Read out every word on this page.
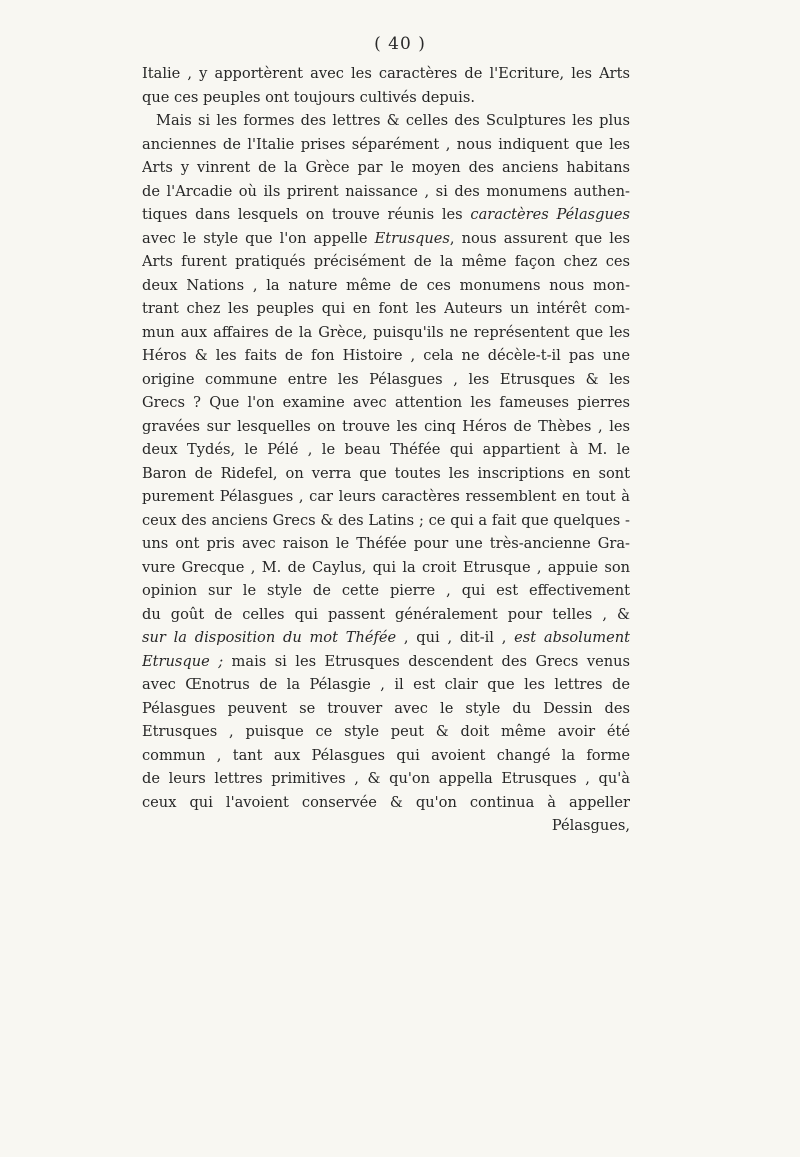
( 40 )
Italie , y apportèrent avec les caractères de l'Ecriture, les Arts
que ces peuples ont toujours cultivés depuis.
Mais si les formes des lettres & celles des Sculptures les plus
anciennes de l'Italie prises séparément , nous indiquent que les
Arts y vinrent de la Grèce par le moyen des anciens habitans
de l'Arcadie où ils prirent naissance , si des monumens authen-
tiques dans lesquels on trouve réunis les caractères Pélasgues
avec le style que l'on appelle Etrusques, nous assurent que les
Arts furent pratiqués précisément de la même façon chez ces
deux Nations , la nature même de ces monumens nous mon-
trant chez les peuples qui en font les Auteurs un intérêt com-
mun aux affaires de la Grèce, puisqu'ils ne représentent que les
Héros & les faits de fon Histoire , cela ne décèle-t-il pas une
origine commune entre les Pélasgues , les Etrusques & les
Grecs ? Que l'on examine avec attention les fameuses pierres
gravées sur lesquelles on trouve les cinq Héros de Thèbes , les
deux Tydés, le Pélé , le beau Théfée qui appartient à M. le
Baron de Ridefel, on verra que toutes les inscriptions en sont
purement Pélasgues , car leurs caractères ressemblent en tout à
ceux des anciens Grecs & des Latins ; ce qui a fait que quelques -
uns ont pris avec raison le Théfée pour une très-ancienne Gra-
vure Grecque , M. de Caylus, qui la croit Etrusque , appuie son
opinion sur le style de cette pierre , qui est effectivement
du goût de celles qui passent généralement pour telles , &
sur la disposition du mot Théfée , qui , dit-il , est absolument
Etrusque ; mais si les Etrusques descendent des Grecs venus
avec Œnotrus de la Pélasgie , il est clair que les lettres de
Pélasgues peuvent se trouver avec le style du Dessin des
Etrusques , puisque ce style peut & doit même avoir été
commun , tant aux Pélasgues qui avoient changé la forme
de leurs lettres primitives , & qu'on appella Etrusques , qu'à
ceux qui l'avoient conservée & qu'on continua à appeller
Pélasgues,
